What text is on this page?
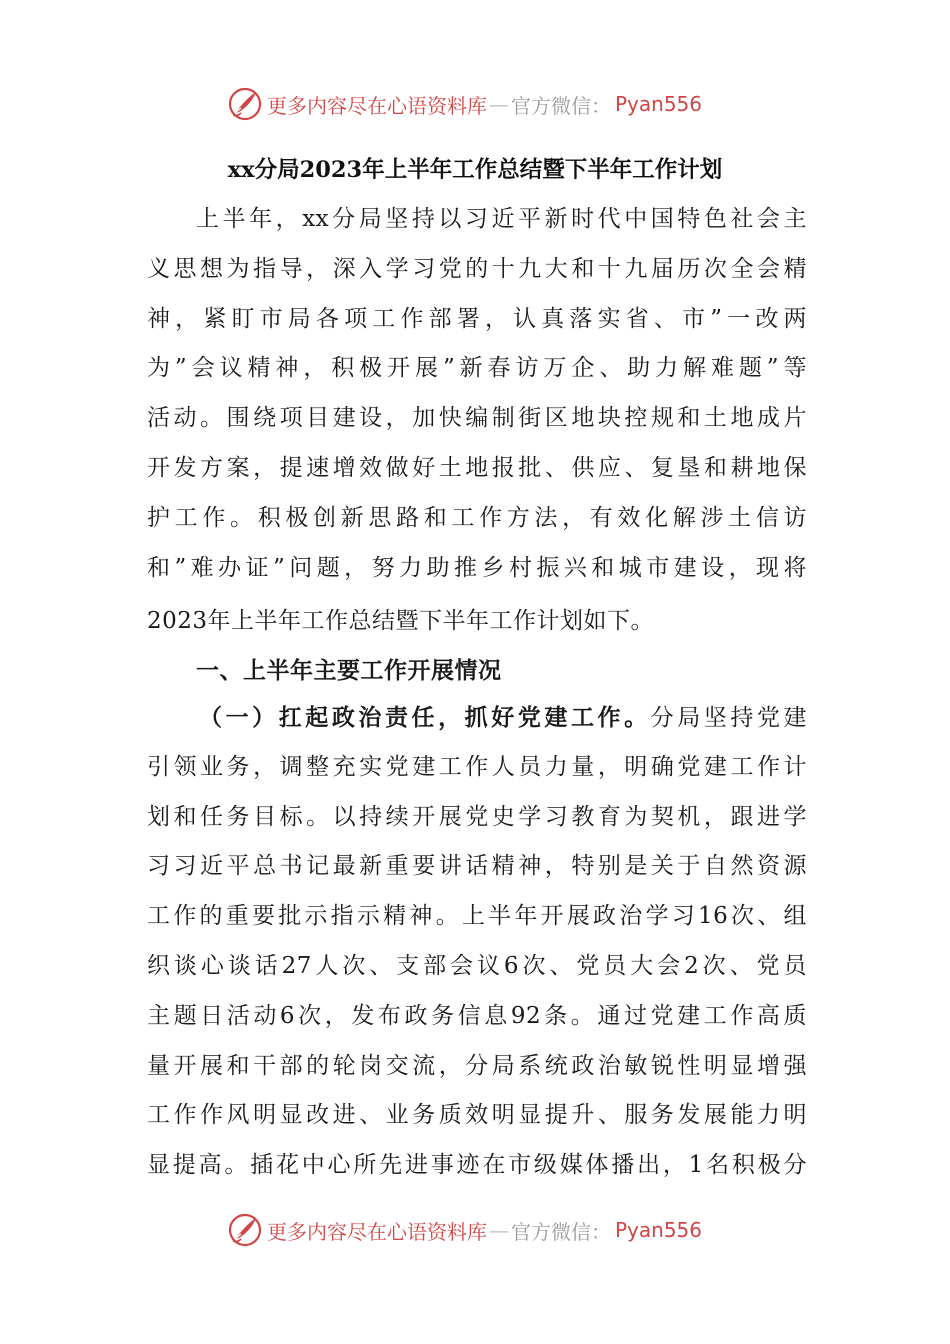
更多内容尽在心语资料库 — 官方微信： Pyan556
xx分局2023年上半年工作总结暨下半年工作计划
上半年，xx分局坚持以习近平新时代中国特色社会主
义思想为指导，深入学习党的十九大和十九届历次全会精
神，紧盯市局各项工作部署，认真落实省、市”一改两
为”会议精神，积极开展”新春访万企、助力解难题”等
活动。围绕项目建设，加快编制街区地块控规和土地成片
开发方案，提速增效做好土地报批、供应、复垦和耕地保
护工作。积极创新思路和工作方法，有效化解涉土信访
和”难办证”问题，努力助推乡村振兴和城市建设，现将
2023年上半年工作总结暨下半年工作计划如下。
一、上半年主要工作开展情况
（一）扛起政治责任，抓好党建工作。分局坚持党建
引领业务，调整充实党建工作人员力量，明确党建工作计
划和任务目标。以持续开展党史学习教育为契机，跟进学
习习近平总书记最新重要讲话精神，特别是关于自然资源
工作的重要批示指示精神。上半年开展政治学习16次、组
织谈心谈话27人次、支部会议6次、党员大会2次、党员
主题日活动6次，发布政务信息92条。通过党建工作高质
量开展和干部的轮岗交流，分局系统政治敏锐性明显增强
工作作风明显改进、业务质效明显提升、服务发展能力明
显提高。插花中心所先进事迹在市级媒体播出，1名积极分
更多内容尽在心语资料库 — 官方微信： Pyan556
